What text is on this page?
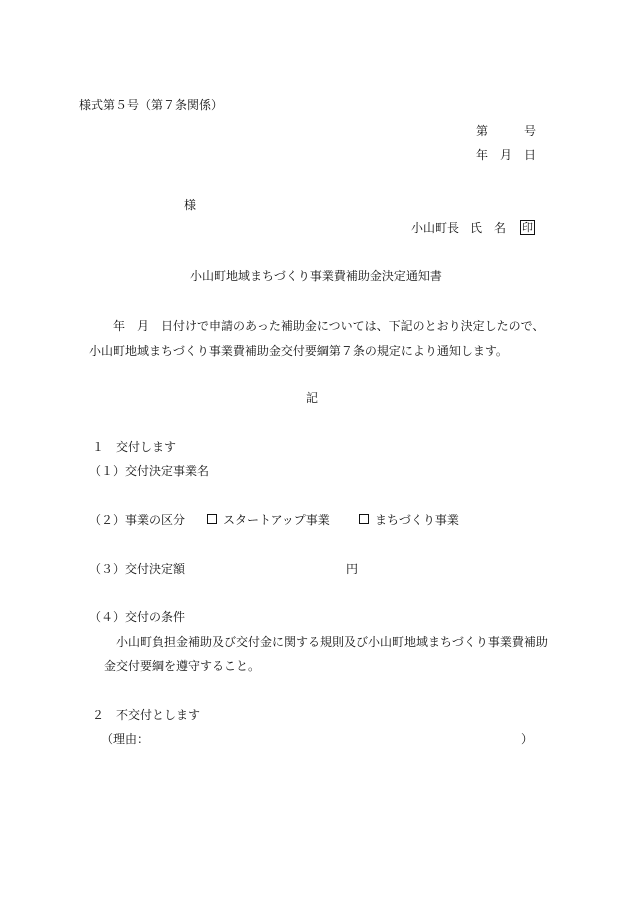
様式第５号（第７条関係）
第	号
年 月 日
様
小山町長 氏 名	印
小山町地域まちづくり事業費補助金決定通知書
年　月　日付けで申請のあった補助金については、下記のとおり決定したので、
小山町地域まちづくり事業費補助金交付要綱第７条の規定により通知します。
記
１　交付します
（１）交付決定事業名
（２）事業の区分	スタートアップ事業	まちづくり事業
（３）交付決定額	円
（４）交付の条件
小山町負担金補助及び交付金に関する規則及び小山町地域まちづくり事業費補助
金交付要綱を遵守すること。
２　不交付とします
（理由：	）
